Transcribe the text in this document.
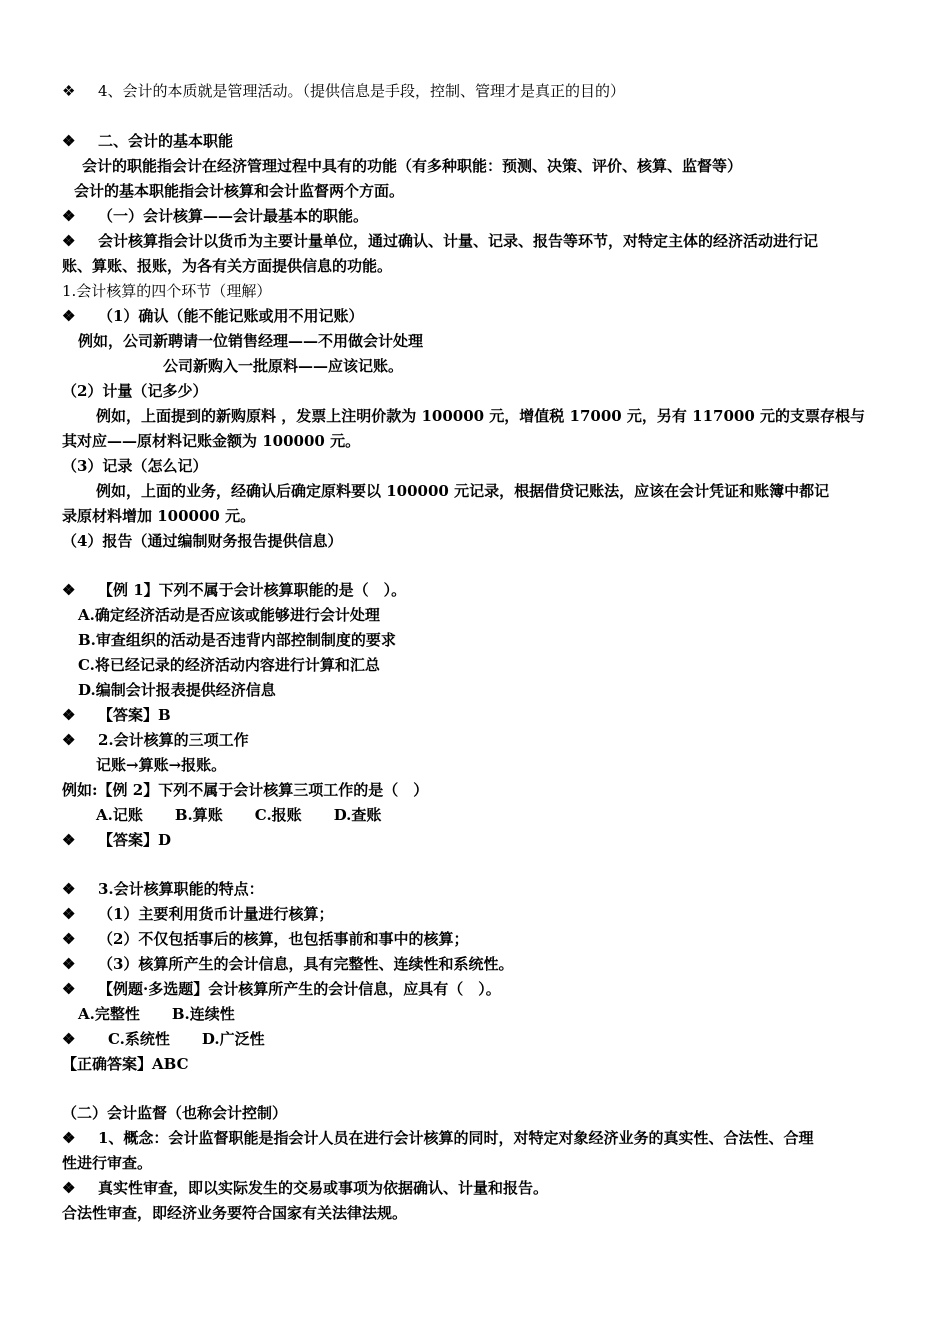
❖ 4、会计的本质就是管理活动。（提供信息是手段，控制、管理才是真正的目的）
❖ 二、会计的基本职能
会计的职能指会计在经济管理过程中具有的功能（有多种职能：预测、决策、评价、核算、监督等）
会计的基本职能指会计核算和会计监督两个方面。
❖ （一）会计核算——会计最基本的职能。
❖ 会计核算指会计以货币为主要计量单位，通过确认、计量、记录、报告等环节，对特定主体的经济活动进行记
账、算账、报账，为各有关方面提供信息的功能。
1.会计核算的四个环节（理解）
❖ （1）确认（能不能记账或用不用记账）
例如，公司新聘请一位销售经理——不用做会计处理
公司新购入一批原料——应该记账。
（2）计量（记多少）
例如，上面提到的新购原料 ，发票上注明价款为 100000 元，增值税 17000 元，另有 117000 元的支票存根与
其对应——原材料记账金额为 100000 元。
（3）记录（怎么记）
例如，上面的业务，经确认后确定原料要以 100000 元记录，根据借贷记账法，应该在会计凭证和账簿中都记
录原材料增加 100000 元。
（4）报告（通过编制财务报告提供信息）
❖ 【例 1】下列不属于会计核算职能的是（　）。
A.确定经济活动是否应该或能够进行会计处理
B.审查组织的活动是否违背内部控制制度的要求
C.将已经记录的经济活动内容进行计算和汇总
D.编制会计报表提供经济信息
❖ 【答案】B
❖ 2.会计核算的三项工作
记账→算账→报账。
例如:【例 2】下列不属于会计核算三项工作的是（　）
A.记账 B.算账 C.报账 D.查账
❖ 【答案】D
❖ 3.会计核算职能的特点：
❖ （1）主要利用货币计量进行核算；
❖ （2）不仅包括事后的核算，也包括事前和事中的核算；
❖ （3）核算所产生的会计信息，具有完整性、连续性和系统性。
❖ 【例题·多选题】会计核算所产生的会计信息，应具有（　）。
A.完整性 B.连续性
❖ C.系统性 D.广泛性
【正确答案】ABC
（二）会计监督（也称会计控制）
❖ 1、概念：会计监督职能是指会计人员在进行会计核算的同时，对特定对象经济业务的真实性、合法性、合理
性进行审查。
❖ 真实性审查，即以实际发生的交易或事项为依据确认、计量和报告。
合法性审查，即经济业务要符合国家有关法律法规。
